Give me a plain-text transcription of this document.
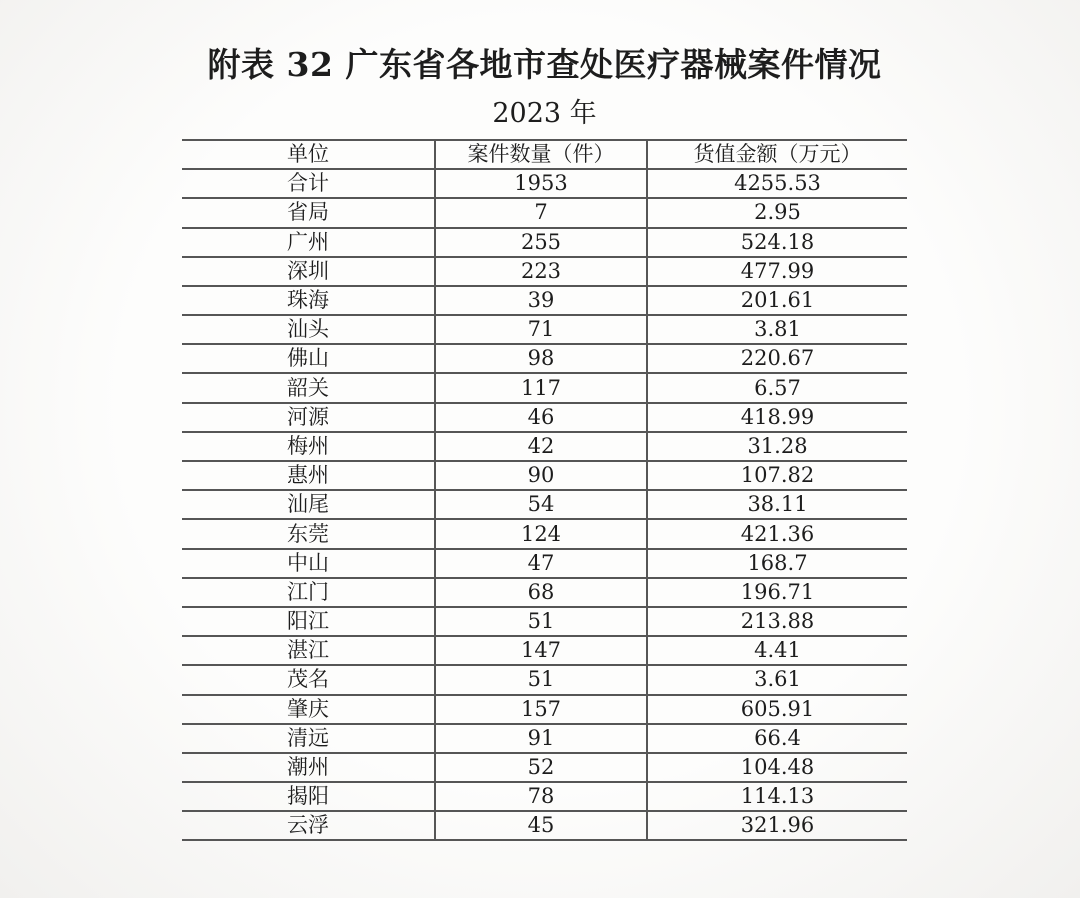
附表 32 广东省各地市查处医疗器械案件情况
2023 年
单位	案件数量（件）	货值金额（万元）
合计	1953	4255.53
省局	7	2.95
广州	255	524.18
深圳	223	477.99
珠海	39	201.61
汕头	71	3.81
佛山	98	220.67
韶关	117	6.57
河源	46	418.99
梅州	42	31.28
惠州	90	107.82
汕尾	54	38.11
东莞	124	421.36
中山	47	168.7
江门	68	196.71
阳江	51	213.88
湛江	147	4.41
茂名	51	3.61
肇庆	157	605.91
清远	91	66.4
潮州	52	104.48
揭阳	78	114.13
云浮	45	321.96
